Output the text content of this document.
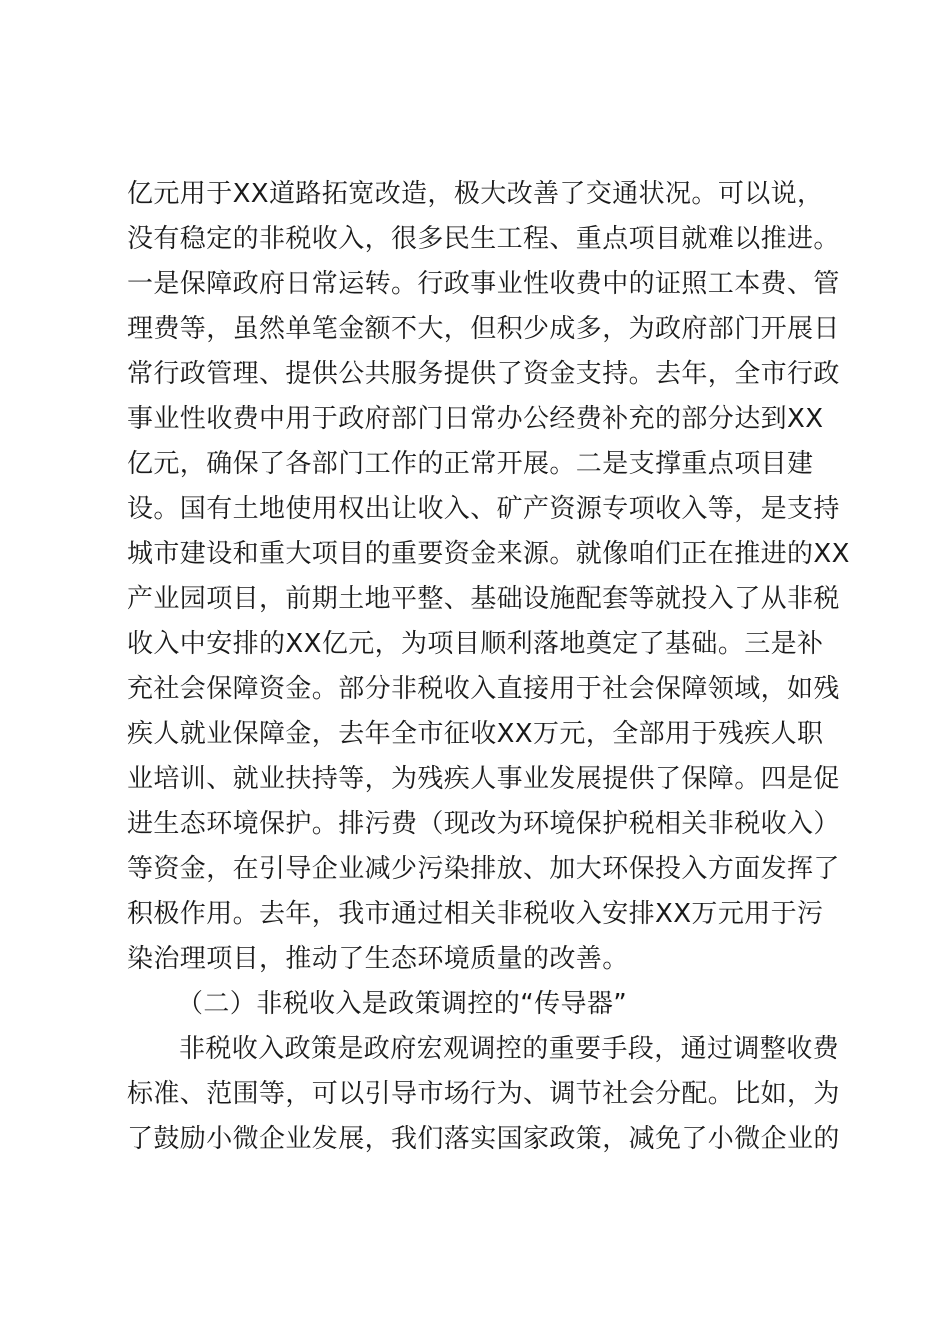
亿元用于XX道路拓宽改造，极大改善了交通状况。可以说，
没有稳定的非税收入，很多民生工程、重点项目就难以推进。
一是保障政府日常运转。行政事业性收费中的证照工本费、管
理费等，虽然单笔金额不大，但积少成多，为政府部门开展日
常行政管理、提供公共服务提供了资金支持。去年，全市行政
事业性收费中用于政府部门日常办公经费补充的部分达到XX
亿元，确保了各部门工作的正常开展。二是支撑重点项目建
设。国有土地使用权出让收入、矿产资源专项收入等，是支持
城市建设和重大项目的重要资金来源。就像咱们正在推进的XX
产业园项目，前期土地平整、基础设施配套等就投入了从非税
收入中安排的XX亿元，为项目顺利落地奠定了基础。三是补
充社会保障资金。部分非税收入直接用于社会保障领域，如残
疾人就业保障金，去年全市征收XX万元，全部用于残疾人职
业培训、就业扶持等，为残疾人事业发展提供了保障。四是促
进生态环境保护。排污费（现改为环境保护税相关非税收入）
等资金，在引导企业减少污染排放、加大环保投入方面发挥了
积极作用。去年，我市通过相关非税收入安排XX万元用于污
染治理项目，推动了生态环境质量的改善。
（二）非税收入是政策调控的“传导器”
非税收入政策是政府宏观调控的重要手段，通过调整收费
标准、范围等，可以引导市场行为、调节社会分配。比如，为
了鼓励小微企业发展，我们落实国家政策，减免了小微企业的
